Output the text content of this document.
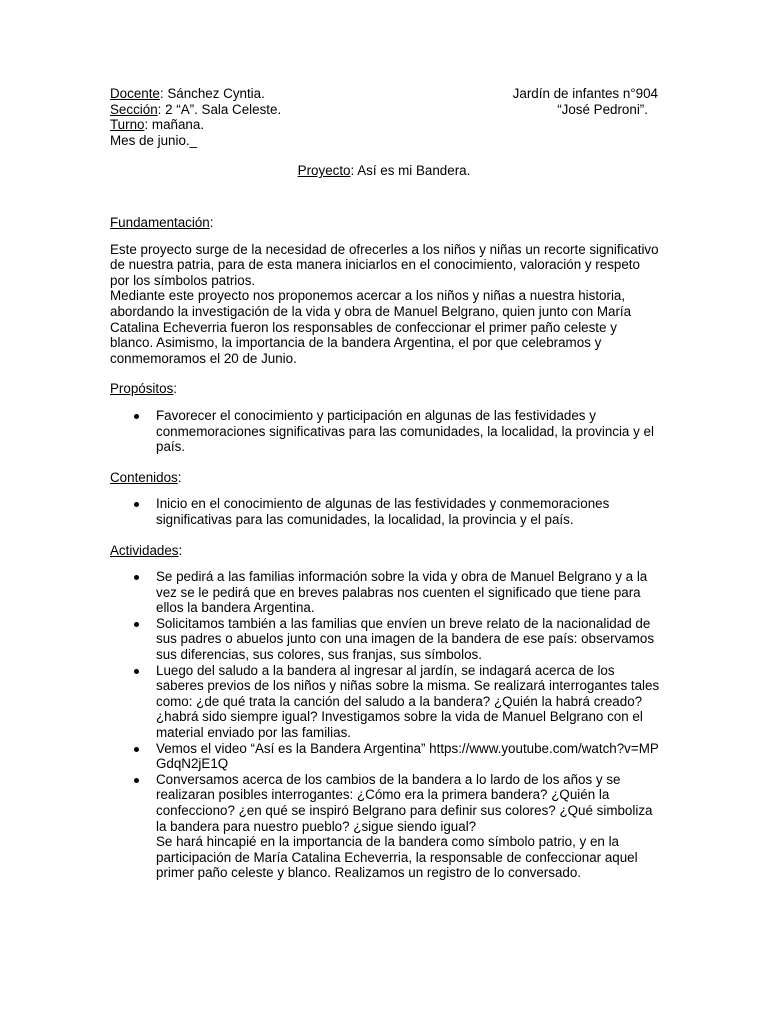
Docente: Sánchez Cyntia.	Jardín de infantes n°904
Sección: 2 “A”. Sala Celeste.	“José Pedroni”.
Turno: mañana.
Mes de junio._
Proyecto: Así es mi Bandera.

Fundamentación:

Este proyecto surge de la necesidad de ofrecerles a los niños y niñas un recorte significativo de nuestra patria, para de esta manera iniciarlos en el conocimiento, valoración y respeto por los símbolos patrios.

Mediante este proyecto nos proponemos acercar a los niños y niñas a nuestra historia, abordando la investigación de la vida y obra de Manuel Belgrano, quien junto con María Catalina Echeverria fueron los responsables de confeccionar el primer paño celeste y blanco. Asimismo, la importancia de la bandera Argentina, el por que celebramos y conmemoramos el 20 de Junio.

Propósitos:

Favorecer el conocimiento y participación en algunas de las festividades y conmemoraciones significativas para las comunidades, la localidad, la provincia y el país.

Contenidos:

Inicio en el conocimiento de algunas de las festividades y conmemoraciones significativas para las comunidades, la localidad, la provincia y el país.

Actividades:

Se pedirá a las familias información sobre la vida y obra de Manuel Belgrano y a la vez se le pedirá que en breves palabras nos cuenten el significado que tiene para ellos la bandera Argentina.
Solicitamos también a las familias que envíen un breve relato de la nacionalidad de sus padres o abuelos junto con una imagen de la bandera de ese país: observamos sus diferencias, sus colores, sus franjas, sus símbolos.
Luego del saludo a la bandera al ingresar al jardín, se indagará acerca de los saberes previos de los niños y niñas sobre la misma. Se realizará interrogantes tales como: ¿de qué trata la canción del saludo a la bandera? ¿Quién la habrá creado? ¿habrá sido siempre igual? Investigamos sobre la vida de Manuel Belgrano con el material enviado por las familias.
Vemos el video “Así es la Bandera Argentina” https://www.youtube.com/watch?v=MPGdqN2jE1Q
Conversamos acerca de los cambios de la bandera a lo lardo de los años y se realizaran posibles interrogantes: ¿Cómo era la primera bandera? ¿Quién la confecciono? ¿en qué se inspiró Belgrano para definir sus colores? ¿Qué simboliza la bandera para nuestro pueblo? ¿sigue siendo igual?
Se hará hincapié en la importancia de la bandera como símbolo patrio, y en la participación de María Catalina Echeverria, la responsable de confeccionar aquel primer paño celeste y blanco. Realizamos un registro de lo conversado.
